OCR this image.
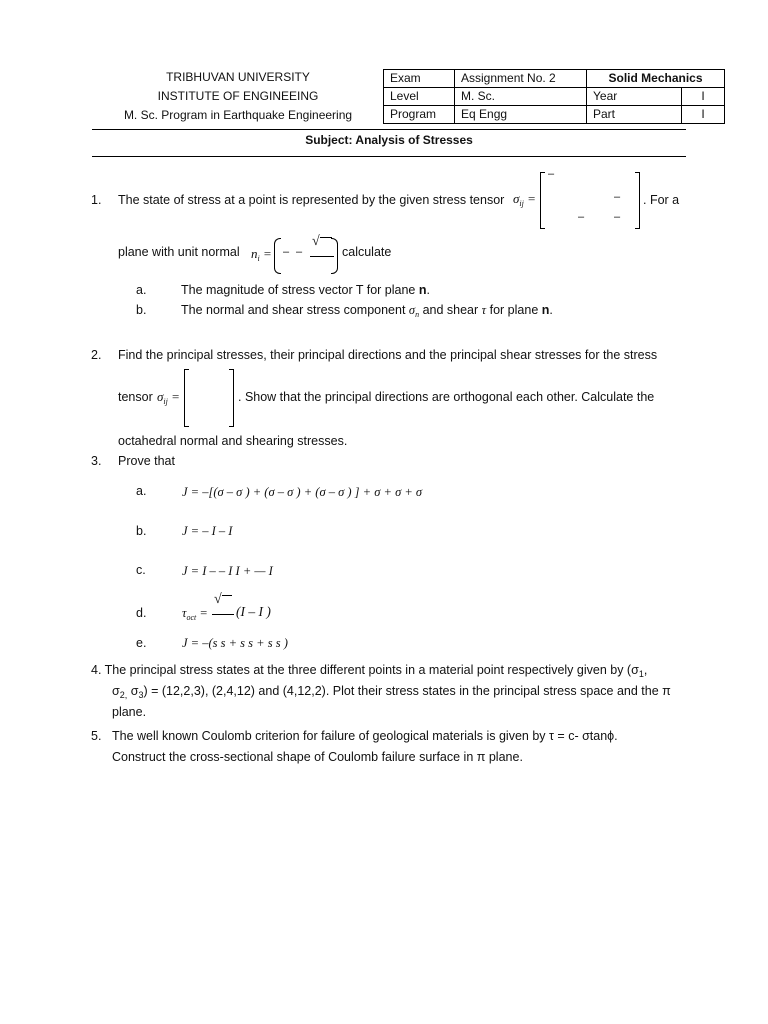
TRIBHUVAN UNIVERSITY
INSTITUTE OF ENGINEEING
M. Sc. Program in Earthquake Engineering
Exam	Assignment No. 2	Solid Mechanics	
Level	M. Sc.	Year	I
Program	Eq Engg	Part	I
Subject: Analysis of Stresses
1. The state of stress at a point is represented by the given stress tensor $\sigma_{ij}$ =
–
–
–	–
. For a
plane with unit normal $n_i$ = – –
√
calculate
a.	The magnitude of stress vector T for plane n.
b.	The normal and shear stress component $\sigma_n$ and shear τ for plane n.
2. Find the principal stresses, their principal directions and the principal shear stresses for the stress
tensor $\sigma_{ij}$ =	. Show that the principal directions are orthogonal each other. Calculate the
octahedral normal and shearing stresses.
3. Prove that
a.	J = –[(σ – σ ) + (σ – σ ) + (σ – σ ) ] + σ + σ + σ
b.	J = – I – I
c.	J = I – – I I + — I
d.	$\tau_{oct}$ =
√
(I – I )
e.	J = –(s s + s s + s s )
4. The principal stress states at the three different points in a material point respectively given by ($\sigma_1$,
$\sigma_{2,}$ $\sigma_3) = (12,2,3)$, (2,4,12) and (4,12,2). Plot their stress states in the principal stress space and the π
plane.
5. The well known Coulomb criterion for failure of geological materials is given by τ = c- σtanϕ.
Construct the cross-sectional shape of Coulomb failure surface in π plane.
